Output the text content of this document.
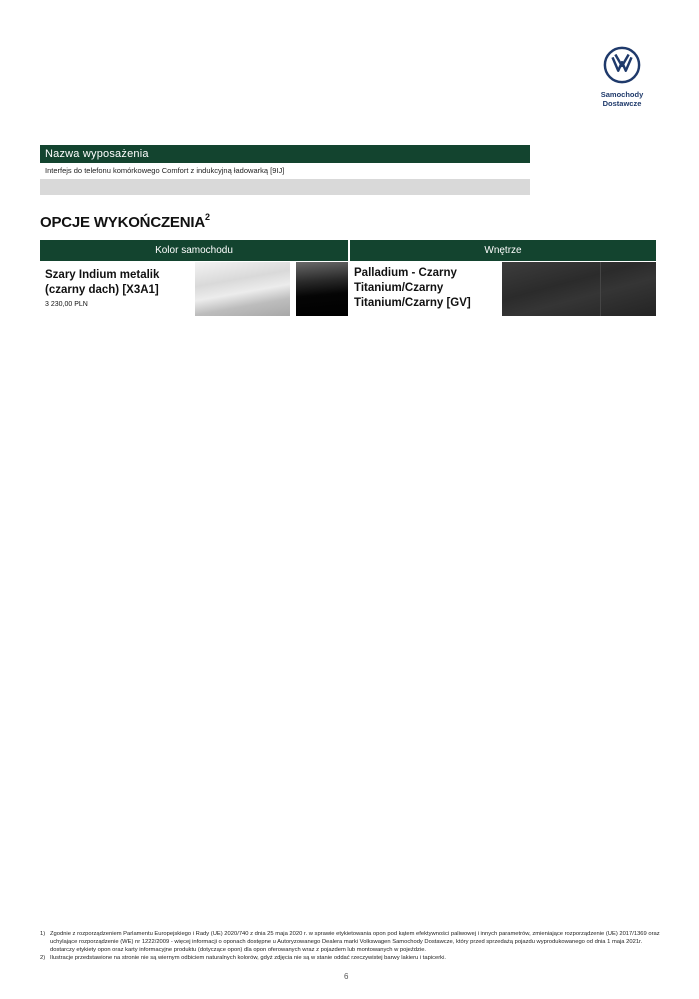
Samochody
Dostawcze
Nazwa wyposażenia
Interfejs do telefonu komórkowego Comfort z indukcyjną ładowarką [9IJ]
OPCJE WYKOŃCZENIA$^2$
Kolor samochodu	Wnętrze
Szary Indium metalik
(czarny dach) [X3A1]
3 230,00 PLN
Palladium - Czarny
Titanium/Czarny
Titanium/Czarny [GV]
1) Zgodnie z rozporządzeniem Parlamentu Europejskiego i Rady (UE) 2020/740 z dnia 25 maja 2020 r. w sprawie etykietowania opon pod kątem efektywności paliwowej i innych parametrów, zmieniające rozporządzenie (UE) 2017/1369 oraz uchylające rozporządzenie (WE) nr 1222/2009 - więcej informacji o oponach dostępne u Autoryzowanego Dealera marki Volkswagen Samochody Dostawcze, który przed sprzedażą pojazdu wyprodukowanego od dnia 1 maja 2021r. dostarczy etykiety opon oraz karty informacyjne produktu (dotyczące opon) dla opon oferowanych wraz z pojazdem lub montowanych w pojeździe.
2) Ilustracje przedstawione na stronie nie są wiernym odbiciem naturalnych kolorów, gdyż zdjęcia nie są w stanie oddać rzeczywistej barwy lakieru i tapicerki.
6
